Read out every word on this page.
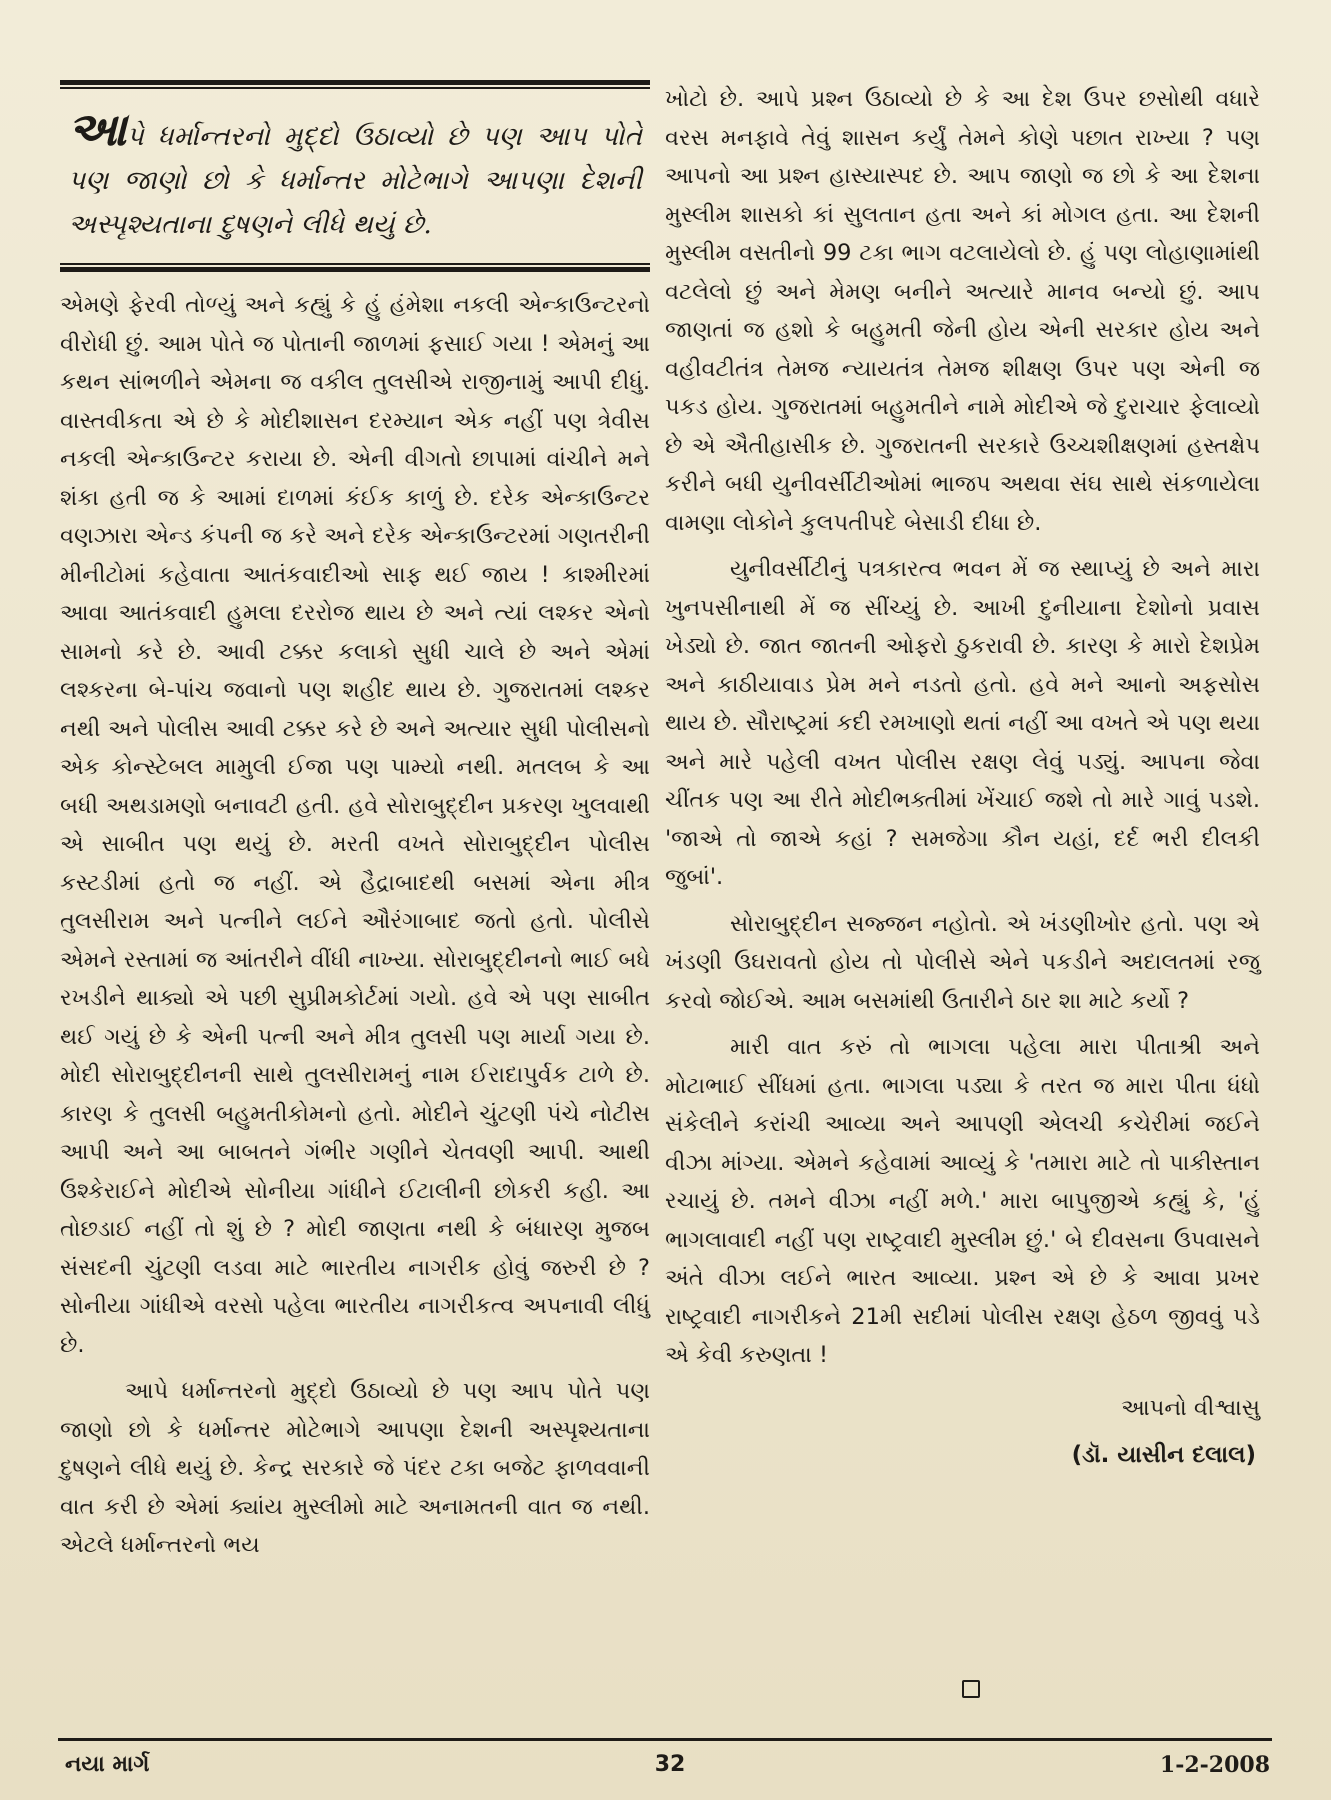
આપે ધર્માન્તરનો મુદ્દો ઉઠાવ્યો છે પણ આપ પોતે પણ જાણો છો કે ધર્માન્તર મોટેભાગે આપણા દેશની અસ્પૃશ્યતાના દુષણને લીધે થયું છે.

એમણે ફેરવી તોળ્યું અને કહ્યું કે હું હંમેશા નકલી એન્કાઉન્ટરનો વીરોધી છું. આમ પોતે જ પોતાની જાળમાં ફસાઈ ગયા ! એમનું આ કથન સાંભળીને એમના જ વકીલ તુલસીએ રાજીનામું આપી દીધું. વાસ્તવીકતા એ છે કે મોદીશાસન દરમ્યાન એક નહીં પણ ત્રેવીસ નકલી એન્કાઉન્ટર કરાયા છે. એની વીગતો છાપામાં વાંચીને મને શંકા હતી જ કે આમાં દાળમાં કંઈક કાળું છે. દરેક એન્કાઉન્ટર વણઝારા એન્ડ કંપની જ કરે અને દરેક એન્કાઉન્ટરમાં ગણતરીની મીનીટોમાં કહેવાતા આતંકવાદીઓ સાફ થઈ જાય ! કાશ્મીરમાં આવા આતંકવાદી હુમલા દરરોજ થાય છે અને ત્યાં લશ્કર એનો સામનો કરે છે. આવી ટક્કર કલાકો સુધી ચાલે છે અને એમાં લશ્કરના બે-પાંચ જવાનો પણ શહીદ થાય છે. ગુજરાતમાં લશ્કર નથી અને પોલીસ આવી ટક્કર કરે છે અને અત્યાર સુધી પોલીસનો એક કોન્સ્ટેબલ મામુલી ઈજા પણ પામ્યો નથી. મતલબ કે આ બધી અથડામણો બનાવટી હતી. હવે સોરાબુદ્દીન પ્રકરણ ખુલવાથી એ સાબીત પણ થયું છે. મરતી વખતે સોરાબુદ્દીન પોલીસ કસ્ટડીમાં હતો જ નહીં. એ હૈદ્રાબાદથી બસમાં એના મીત્ર તુલસીરામ અને પત્નીને લઈને ઔરંગાબાદ જતો હતો. પોલીસે એમને રસ્તામાં જ આંતરીને વીંધી નાખ્યા. સોરાબુદ્દીનનો ભાઈ બધે રખડીને થાક્યો એ પછી સુપ્રીમકોર્ટમાં ગયો. હવે એ પણ સાબીત થઈ ગયું છે કે એની પત્ની અને મીત્ર તુલસી પણ માર્યા ગયા છે. મોદી સોરાબુદ્દીનની સાથે તુલસીરામનું નામ ઈરાદાપુર્વક ટાળે છે. કારણ કે તુલસી બહુમતીકોમનો હતો. મોદીને ચુંટણી પંચે નોટીસ આપી અને આ બાબતને ગંભીર ગણીને ચેતવણી આપી. આથી ઉશ્કેરાઈને મોદીએ સોનીયા ગાંધીને ઈટાલીની છોકરી કહી. આ તોછડાઈ નહીં તો શું છે ? મોદી જાણતા નથી કે બંધારણ મુજબ સંસદની ચુંટણી લડવા માટે ભારતીય નાગરીક હોવું જરુરી છે ? સોનીયા ગાંધીએ વરસો પહેલા ભારતીય નાગરીકત્વ અપનાવી લીધું છે.

આપે ધર્માન્તરનો મુદ્દો ઉઠાવ્યો છે પણ આપ પોતે પણ જાણો છો કે ધર્માન્તર મોટેભાગે આપણા દેશની અસ્પૃશ્યતાના દુષણને લીધે થયું છે. કેન્દ્ર સરકારે જે પંદર ટકા બજેટ ફાળવવાની વાત કરી છે એમાં ક્યાંય મુસ્લીમો માટે અનામતની વાત જ નથી. એટલે ધર્માન્તરનો ભય

ખોટો છે. આપે પ્રશ્ન ઉઠાવ્યો છે કે આ દેશ ઉપર છસોથી વધારે વરસ મનફાવે તેવું શાસન કર્યું તેમને કોણે પછાત રાખ્યા ? પણ આપનો આ પ્રશ્ન હાસ્યાસ્પદ છે. આપ જાણો જ છો કે આ દેશના મુસ્લીમ શાસકો કાં સુલતાન હતા અને કાં મોગલ હતા. આ દેશની મુસ્લીમ વસતીનો 99 ટકા ભાગ વટલાયેલો છે. હું પણ લોહાણામાંથી વટલેલો છું અને મેમણ બનીને અત્યારે માનવ બન્યો છું. આપ જાણતાં જ હશો કે બહુમતી જેની હોય એની સરકાર હોય અને વહીવટીતંત્ર તેમજ ન્યાયતંત્ર તેમજ શીક્ષણ ઉપર પણ એની જ પકડ હોય. ગુજરાતમાં બહુમતીને નામે મોદીએ જે દુરાચાર ફેલાવ્યો છે એ ઐતીહાસીક છે. ગુજરાતની સરકારે ઉચ્ચશીક્ષણમાં હસ્તક્ષેપ કરીને બધી યુનીવર્સીટીઓમાં ભાજપ અથવા સંઘ સાથે સંકળાયેલા વામણા લોકોને કુલપતીપદે બેસાડી દીધા છે.

યુનીવર્સીટીનું પત્રકારત્વ ભવન મેં જ સ્થાપ્યું છે અને મારા ખુનપસીનાથી મેં જ સીંચ્યું છે. આખી દુનીયાના દેશોનો પ્રવાસ ખેડ્યો છે. જાત જાતની ઓફરો ઠુકરાવી છે. કારણ કે મારો દેશપ્રેમ અને કાઠીયાવાડ પ્રેમ મને નડતો હતો. હવે મને આનો અફસોસ થાય છે. સૌરાષ્ટ્રમાં કદી રમખાણો થતાં નહીં આ વખતે એ પણ થયા અને મારે પહેલી વખત પોલીસ રક્ષણ લેવું પડ્યું. આપના જેવા ચીંતક પણ આ રીતે મોદીભક્તીમાં ખેંચાઈ જશે તો મારે ગાવું પડશે. 'જાએ તો જાએ કહાં ? સમજેગા કૌન યહાં, દર્દ ભરી દીલકી જુબાં'.

સોરાબુદ્દીન સજ્જન નહોતો. એ ખંડણીખોર હતો. પણ એ ખંડણી ઉઘરાવતો હોય તો પોલીસે એને પકડીને અદાલતમાં રજુ કરવો જોઈએ. આમ બસમાંથી ઉતારીને ઠાર શા માટે કર્યો ?

મારી વાત કરું તો ભાગલા પહેલા મારા પીતાશ્રી અને મોટાભાઈ સીંધમાં હતા. ભાગલા પડ્યા કે તરત જ મારા પીતા ધંધો સંકેલીને કરાંચી આવ્યા અને આપણી એલચી કચેરીમાં જઈને વીઝા માંગ્યા. એમને કહેવામાં આવ્યું કે 'તમારા માટે તો પાકીસ્તાન રચાયું છે. તમને વીઝા નહીં મળે.' મારા બાપુજીએ કહ્યું કે, 'હું ભાગલાવાદી નહીં પણ રાષ્ટ્રવાદી મુસ્લીમ છું.' બે દીવસના ઉપવાસને અંતે વીઝા લઈને ભારત આવ્યા. પ્રશ્ન એ છે કે આવા પ્રખર રાષ્ટ્રવાદી નાગરીકને 21મી સદીમાં પોલીસ રક્ષણ હેઠળ જીવવું પડે એ કેવી કરુણતા !

આપનો વીશ્વાસુ
(ડૉ. યાસીન દલાલ)
નયા માર્ગ	32	1-2-2008
